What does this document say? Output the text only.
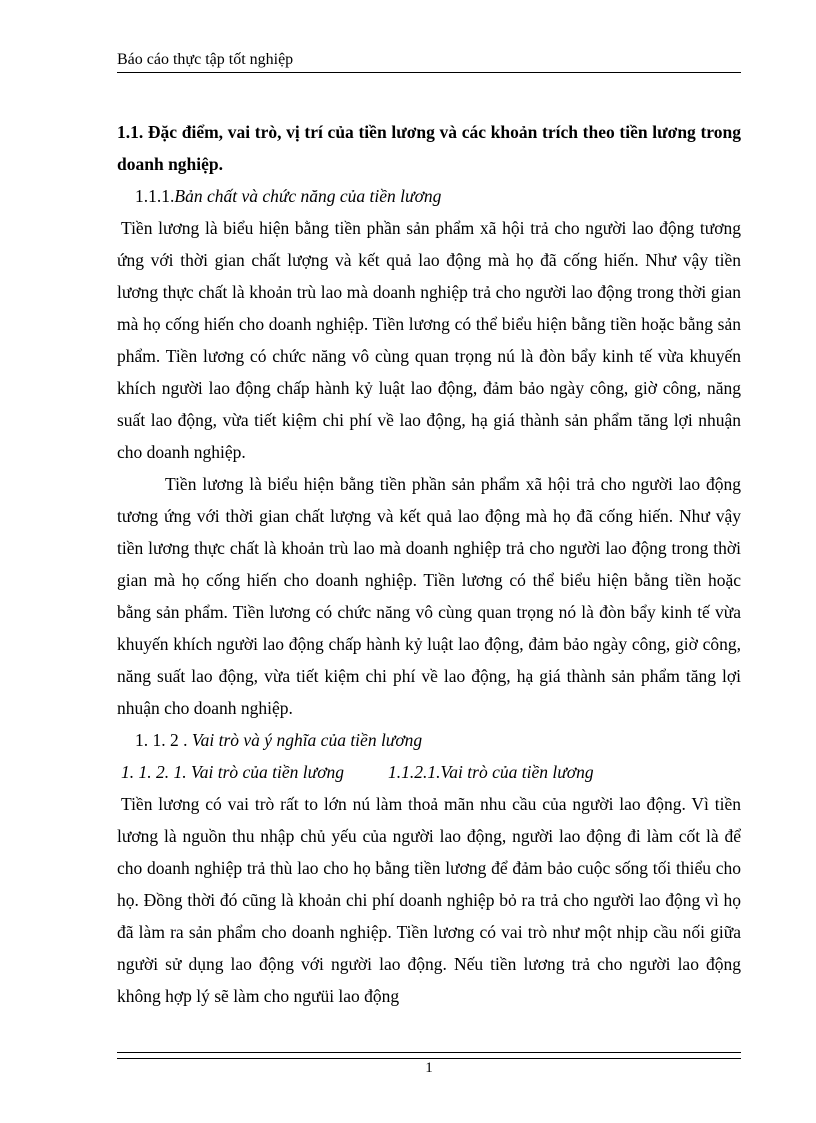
Báo cáo thực tập tốt nghiệp

1.1. Đặc điểm, vai trò, vị trí của tiền lương và các khoản trích theo tiền lương trong doanh nghiệp.

1.1.1.Bản chất và chức năng của tiền lương

Tiền lương là biểu hiện bằng tiền phần sản phẩm xã hội trả cho người lao động tương ứng với thời gian chất lượng và kết quả lao động mà họ đã cống hiến. Như vậy tiền lương thực chất là khoản trù lao mà doanh nghiệp trả cho người lao động trong thời gian mà họ cống hiến cho doanh nghiệp. Tiền lương có thể biểu hiện bằng tiền hoặc bằng sản phẩm. Tiền lương có chức năng vô cùng quan trọng nú là đòn bẩy kinh tế vừa khuyến khích người lao động chấp hành kỷ luật lao động, đảm bảo ngày công, giờ công, năng suất lao động, vừa tiết kiệm chi phí về lao động, hạ giá thành sản phẩm tăng lợi nhuận cho doanh nghiệp.

Tiền lương là biểu hiện bằng tiền phần sản phẩm xã hội trả cho người lao động tương ứng với thời gian chất lượng và kết quả lao động mà họ đã cống hiến. Như vậy tiền lương thực chất là khoản trù lao mà doanh nghiệp trả cho người lao động trong thời gian mà họ cống hiến cho doanh nghiệp. Tiền lương có thể biểu hiện bằng tiền hoặc bằng sản phẩm. Tiền lương có chức năng vô cùng quan trọng nó là đòn bẩy kinh tế vừa khuyến khích người lao động chấp hành kỷ luật lao động, đảm bảo ngày công, giờ công, năng suất lao động, vừa tiết kiệm chi phí về lao động, hạ giá thành sản phẩm tăng lợi nhuận cho doanh nghiệp.

1. 1. 2 . Vai trò và ý nghĩa của tiền lương

1. 1. 2. 1. Vai trò của tiền lương	1.1.2.1.Vai trò của tiền lương

Tiền lương có vai trò rất to lớn nú làm thoả mãn nhu cầu của người lao động. Vì tiền lương là nguồn thu nhập chủ yếu của người lao động, người lao động đi làm cốt là để cho doanh nghiệp trả thù lao cho họ bằng tiền lương để đảm bảo cuộc sống tối thiểu cho họ. Đồng thời đó cũng là khoản chi phí doanh nghiệp bỏ ra trả cho người lao động vì họ đã làm ra sản phẩm cho doanh nghiệp. Tiền lương có vai trò như một nhịp cầu nối giữa người sử dụng lao động với người lao động. Nếu tiền lương trả cho người lao động không hợp lý sẽ làm cho ngưüi lao động

1
